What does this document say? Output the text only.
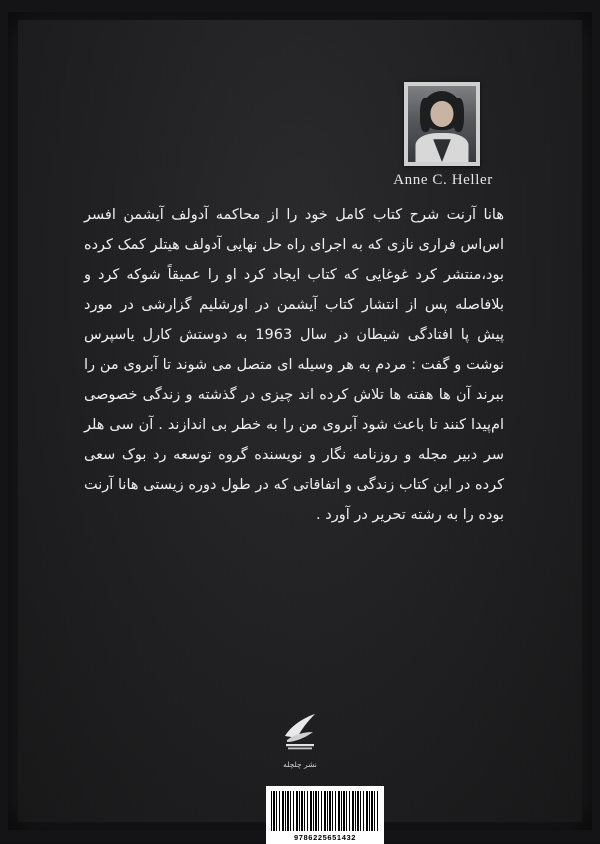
Anne C. Heller

هانا آرنت شرح کتاب کامل خود را از محاکمه آدولف آیشمن افسر اس‌اس فراری نازی که به اجرای راه حل نهایی آدولف هیتلر کمک کرده بود،منتشر کرد غوغایی که کتاب ایجاد کرد او را عمیقاً شوکه کرد و بلافاصله پس از انتشار کتاب آیشمن در اورشلیم گزارشی در مورد پیش پا افتادگی شیطان در سال 1963 به دوستش کارل یاسپرس نوشت و گفت : مردم به هر وسیله ای متصل می شوند تا آبروی من را ببرند آن ها هفته ها تلاش کرده اند چیزی در گذشته و زندگی خصوصی ام‌پیدا کنند تا باعث شود آبروی من را به خطر بی اندازند . آن سی هلر سر دبیر مجله و روزنامه نگار و نویسنده گروه توسعه رد بوک سعی کرده در این کتاب زندگی و اتفاقاتی که در طول دوره زیستی هانا آرنت بوده را به رشته تحریر در آورد .

نشر چلچله
9786225651432
